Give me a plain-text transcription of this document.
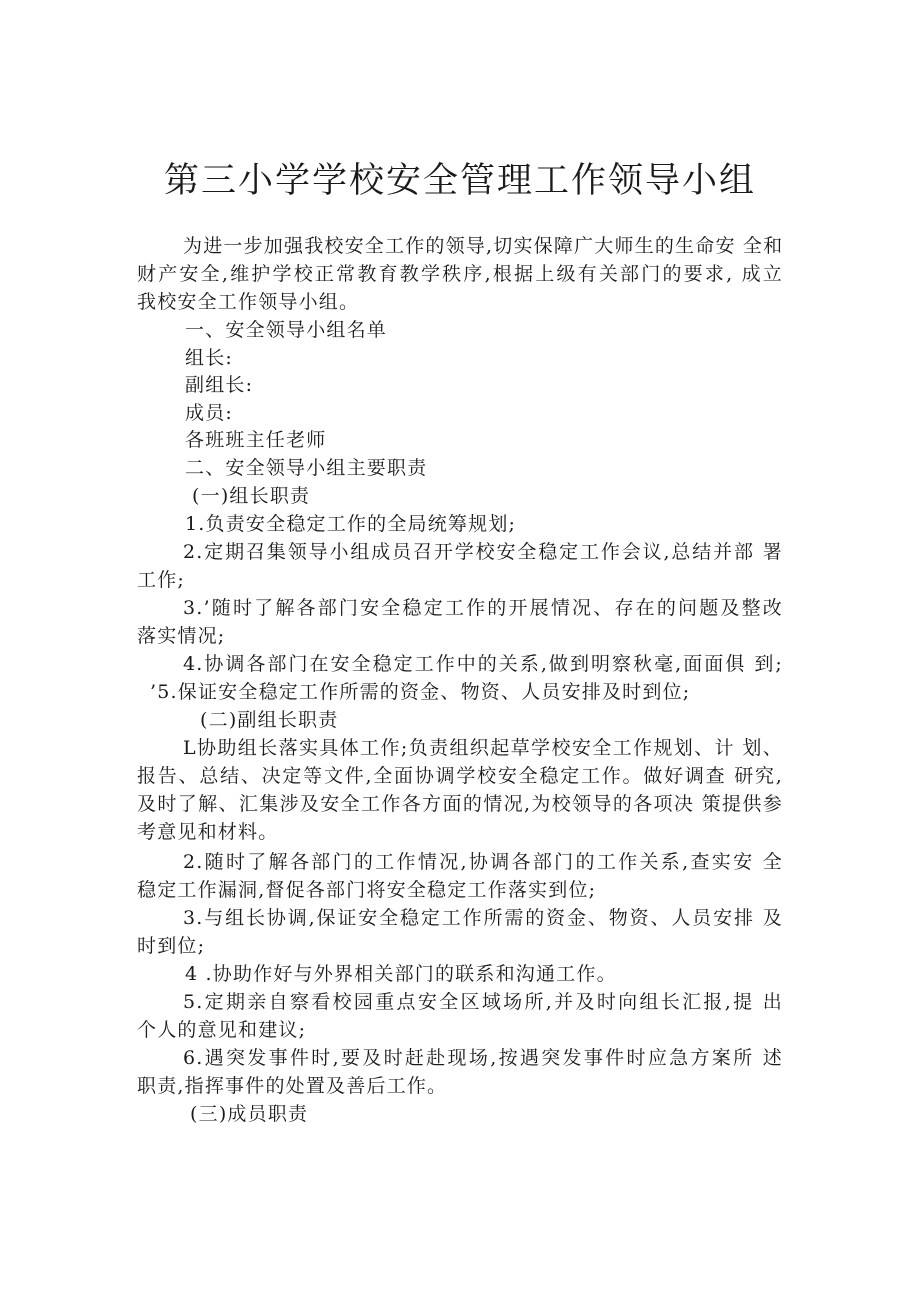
第三小学学校安全管理工作领导小组
为进一步加强我校安全工作的领导,切实保障广大师生的生命安 全和
财产安全,维护学校正常教育教学秩序,根据上级有关部门的要求, 成立
我校安全工作领导小组。
一、安全领导小组名单
组长:
副组长:
成员:
各班班主任老师
二、安全领导小组主要职责
(一)组长职责
1.负责安全稳定工作的全局统筹规划;
2.定期召集领导小组成员召开学校安全稳定工作会议,总结并部 署
工作;
3.’随时了解各部门安全稳定工作的开展情况、存在的问题及整改
落实情况;
4.协调各部门在安全稳定工作中的关系,做到明察秋毫,面面俱 到;
’5.保证安全稳定工作所需的资金、物资、人员安排及时到位;
(二)副组长职责
L协助组长落实具体工作;负责组织起草学校安全工作规划、计 划、
报告、总结、决定等文件,全面协调学校安全稳定工作。做好调查 研究,
及时了解、汇集涉及安全工作各方面的情况,为校领导的各项决 策提供参
考意见和材料。
2.随时了解各部门的工作情况,协调各部门的工作关系,查实安 全
稳定工作漏洞,督促各部门将安全稳定工作落实到位;
3.与组长协调,保证安全稳定工作所需的资金、物资、人员安排 及
时到位;
4 .协助作好与外界相关部门的联系和沟通工作。
5.定期亲自察看校园重点安全区域场所,并及时向组长汇报,提 出
个人的意见和建议;
6.遇突发事件时,要及时赶赴现场,按遇突发事件时应急方案所 述
职责,指挥事件的处置及善后工作。
(三)成员职责
